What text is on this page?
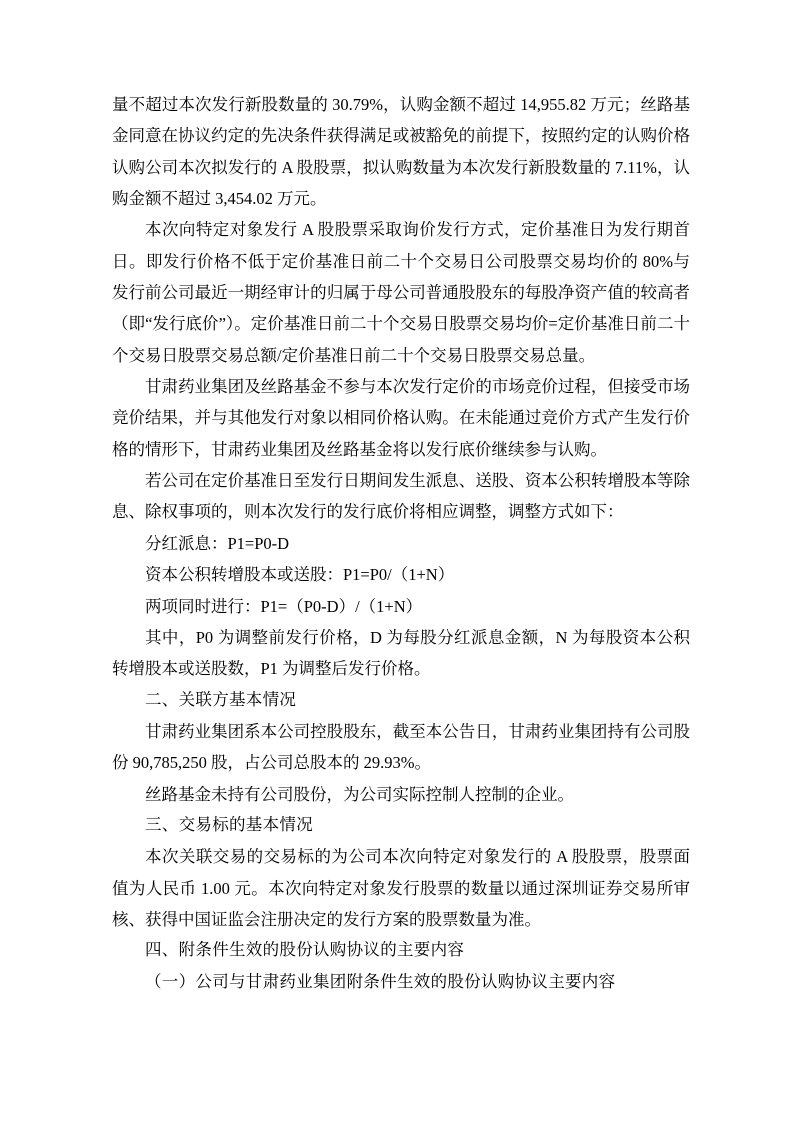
量不超过本次发行新股数量的 30.79%，认购金额不超过 14,955.82 万元；丝路基金同意在协议约定的先决条件获得满足或被豁免的前提下，按照约定的认购价格认购公司本次拟发行的 A 股股票，拟认购数量为本次发行新股数量的 7.11%，认购金额不超过 3,454.02 万元。

本次向特定对象发行 A 股股票采取询价发行方式，定价基准日为发行期首日。即发行价格不低于定价基准日前二十个交易日公司股票交易均价的 80%与发行前公司最近一期经审计的归属于母公司普通股股东的每股净资产值的较高者（即“发行底价”）。定价基准日前二十个交易日股票交易均价=定价基准日前二十个交易日股票交易总额/定价基准日前二十个交易日股票交易总量。

甘肃药业集团及丝路基金不参与本次发行定价的市场竞价过程，但接受市场竞价结果，并与其他发行对象以相同价格认购。在未能通过竞价方式产生发行价格的情形下，甘肃药业集团及丝路基金将以发行底价继续参与认购。

若公司在定价基准日至发行日期间发生派息、送股、资本公积转增股本等除息、除权事项的，则本次发行的发行底价将相应调整，调整方式如下：

分红派息：P1=P0-D

资本公积转增股本或送股：P1=P0/（1+N）

两项同时进行：P1=（P0-D）/（1+N）

其中，P0 为调整前发行价格，D 为每股分红派息金额，N 为每股资本公积转增股本或送股数，P1 为调整后发行价格。

二、关联方基本情况

甘肃药业集团系本公司控股股东，截至本公告日，甘肃药业集团持有公司股份 90,785,250 股，占公司总股本的 29.93%。

丝路基金未持有公司股份，为公司实际控制人控制的企业。

三、交易标的基本情况

本次关联交易的交易标的为公司本次向特定对象发行的 A 股股票，股票面值为人民币 1.00 元。本次向特定对象发行股票的数量以通过深圳证券交易所审核、获得中国证监会注册决定的发行方案的股票数量为准。

四、附条件生效的股份认购协议的主要内容
（一）公司与甘肃药业集团附条件生效的股份认购协议主要内容
